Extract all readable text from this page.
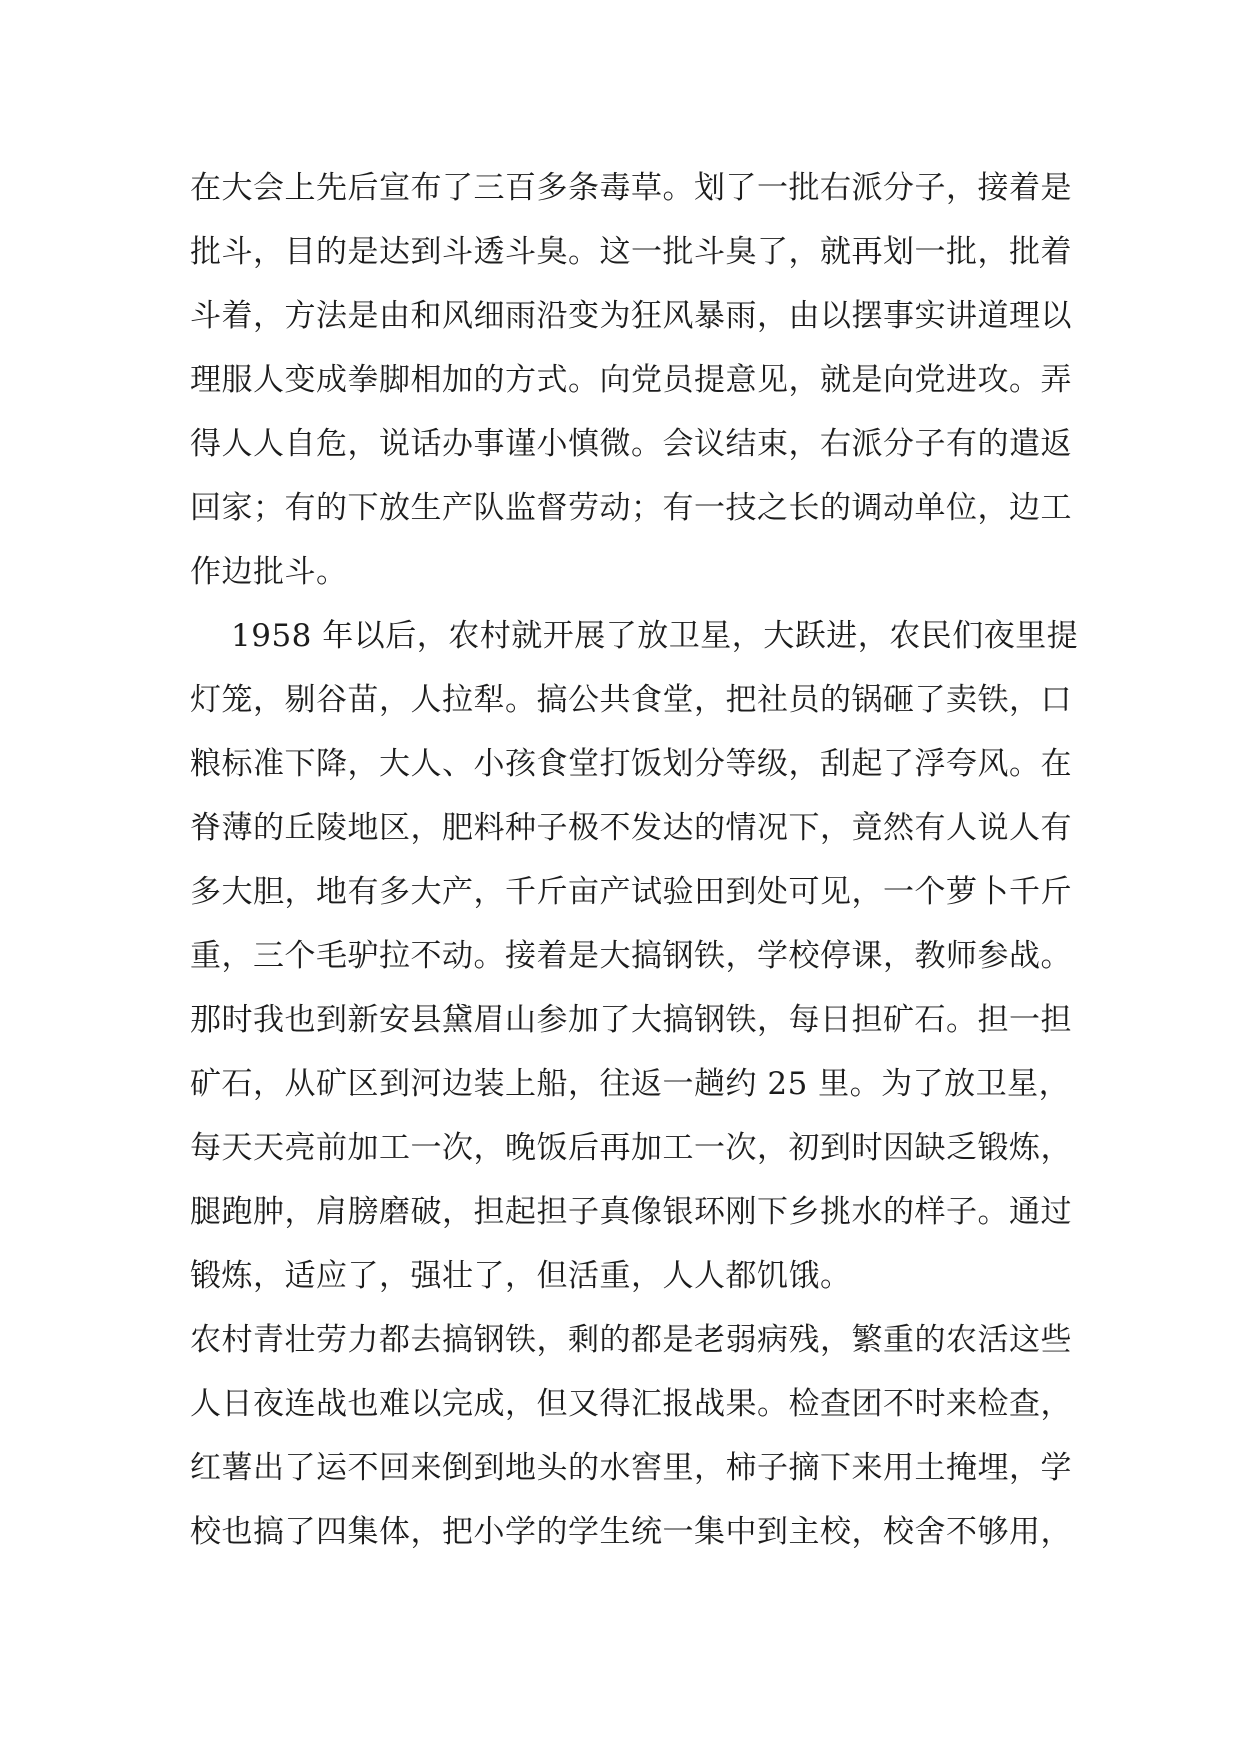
在大会上先后宣布了三百多条毒草。划了一批右派分子，接着是
批斗，目的是达到斗透斗臭。这一批斗臭了，就再划一批，批着
斗着，方法是由和风细雨沿变为狂风暴雨，由以摆事实讲道理以
理服人变成拳脚相加的方式。向党员提意见，就是向党进攻。弄
得人人自危，说话办事谨小慎微。会议结束，右派分子有的遣返
回家；有的下放生产队监督劳动；有一技之长的调动单位，边工
作边批斗。
1958 年以后，农村就开展了放卫星，大跃进，农民们夜里提
灯笼，剔谷苗，人拉犁。搞公共食堂，把社员的锅砸了卖铁，口
粮标准下降，大人、小孩食堂打饭划分等级，刮起了浮夸风。在
脊薄的丘陵地区，肥料种子极不发达的情况下，竟然有人说人有
多大胆，地有多大产，千斤亩产试验田到处可见，一个萝卜千斤
重，三个毛驴拉不动。接着是大搞钢铁，学校停课，教师参战。
那时我也到新安县黛眉山参加了大搞钢铁，每日担矿石。担一担
矿石，从矿区到河边装上船，往返一趟约 25 里。为了放卫星，
每天天亮前加工一次，晚饭后再加工一次，初到时因缺乏锻炼，
腿跑肿，肩膀磨破，担起担子真像银环刚下乡挑水的样子。通过
锻炼，适应了，强壮了，但活重，人人都饥饿。
农村青壮劳力都去搞钢铁，剩的都是老弱病残，繁重的农活这些
人日夜连战也难以完成，但又得汇报战果。检查团不时来检查，
红薯出了运不回来倒到地头的水窖里，柿子摘下来用土掩埋，学
校也搞了四集体，把小学的学生统一集中到主校，校舍不够用，
